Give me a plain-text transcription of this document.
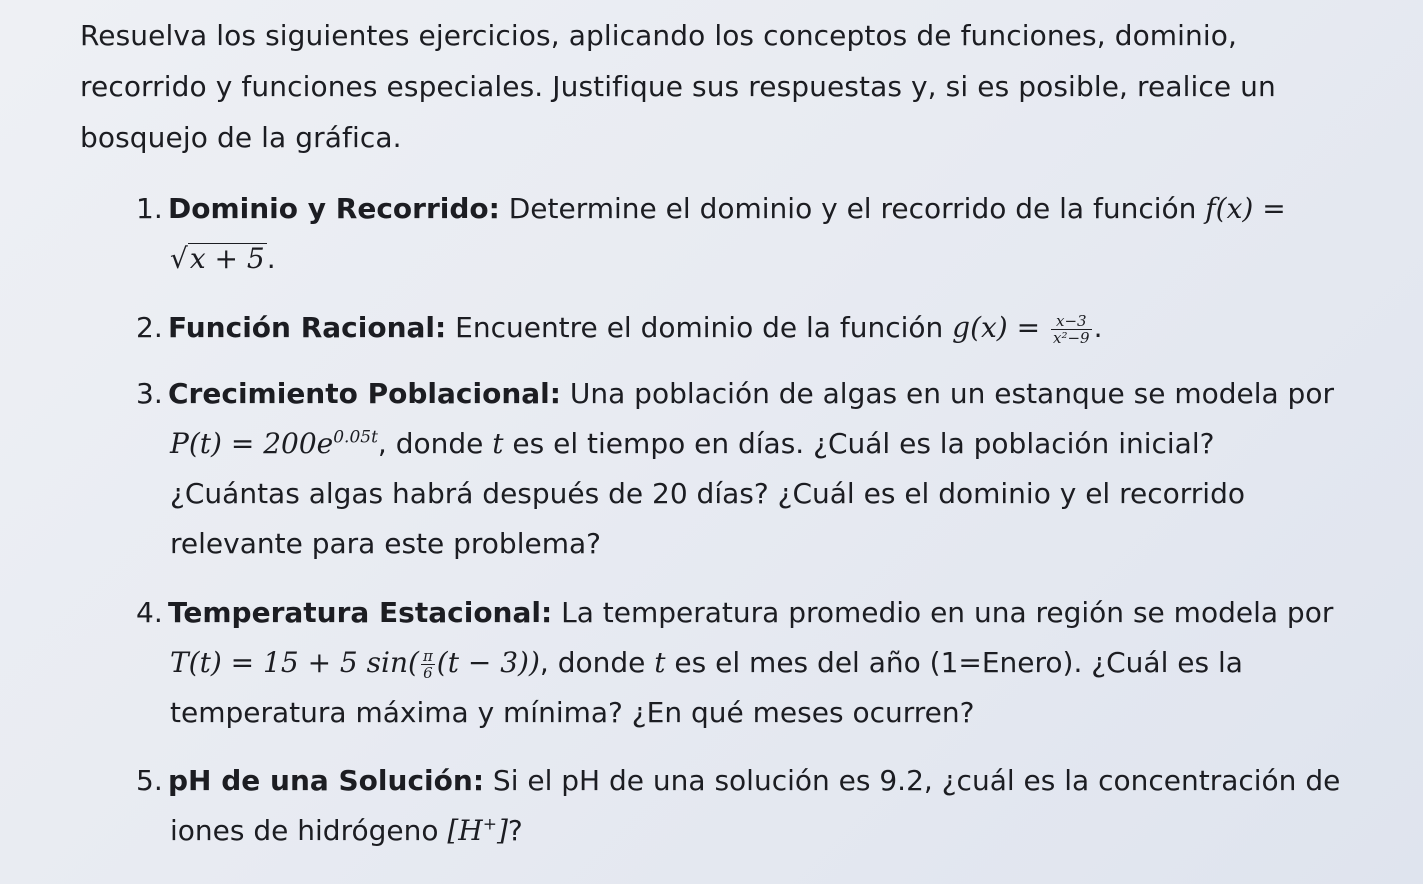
Resuelva los siguientes ejercicios, aplicando los conceptos de funciones, dominio, recorrido y funciones especiales. Justifique sus respuestas y, si es posible, realice un bosquejo de la gráfica.
1. Dominio y Recorrido: Determine el dominio y el recorrido de la función f(x) =
√x + 5.
2. Función Racional: Encuentre el dominio de la función $g(x) = \frac{x-3}{\text{x²−9}}$ .
3. Crecimiento Poblacional: Una población de algas en un estanque se modela por
$P(t) = 200e^{0.05t}$, donde t es el tiempo en días. ¿Cuál es la población inicial?
¿Cuántas algas habrá después de 20 días? ¿Cuál es el dominio y el recorrido
relevante para este problema?
4. Temperatura Estacional: La temperatura promedio en una región se modela por
T(t) = 15 + 5 $\sin( \frac{\pi}{6} (t - 3))$, donde t es el mes del año (1=Enero). ¿Cuál es la
temperatura máxima y mínima? ¿En qué meses ocurren?
5. pH de una Solución: Si el pH de una solución es 9.2, ¿cuál es la concentración de
iones de hidrógeno [H+]?
